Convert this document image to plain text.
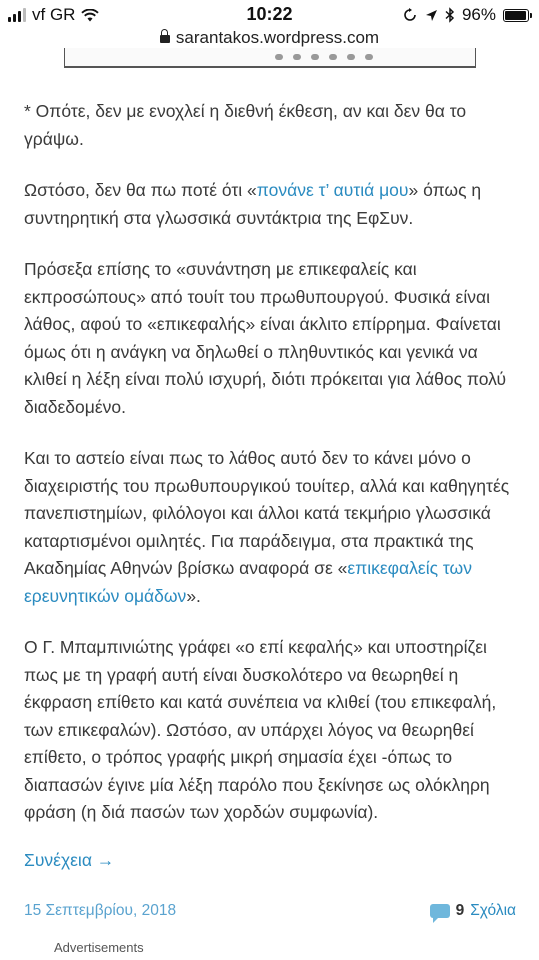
vf GR	10:22	96%
sarantakos.wordpress.com

* Οπότε, δεν με ενοχλεί η διεθνή έκθεση, αν και δεν θα το γράψω.

Ωστόσο, δεν θα πω ποτέ ότι «πονάνε τ’ αυτιά μου» όπως η συντηρητική στα γλωσσικά συντάκτρια της ΕφΣυν.

Πρόσεξα επίσης το «συνάντηση με επικεφαλείς και εκπροσώπους» από τουίτ του πρωθυπουργού. Φυσικά είναι λάθος, αφού το «επικεφαλής» είναι άκλιτο επίρρημα. Φαίνεται όμως ότι η ανάγκη να δηλωθεί ο πληθυντικός και γενικά να κλιθεί η λέξη είναι πολύ ισχυρή, διότι πρόκειται για λάθος πολύ διαδεδομένο.

Και το αστείο είναι πως το λάθος αυτό δεν το κάνει μόνο ο διαχειριστής του πρωθυπουργικού τουίτερ, αλλά και καθηγητές πανεπιστημίων, φιλόλογοι και άλλοι κατά τεκμήριο γλωσσικά καταρτισμένοι ομιλητές. Για παράδειγμα, στα πρακτικά της Ακαδημίας Αθηνών βρίσκω αναφορά σε «επικεφαλείς των ερευνητικών ομάδων».

Ο Γ. Μπαμπινιώτης γράφει «ο επί κεφαλής» και υποστηρίζει πως με τη γραφή αυτή είναι δυσκολότερο να θεωρηθεί η έκφραση επίθετο και κατά συνέπεια να κλιθεί (του επικεφαλή, των επικεφαλών). Ωστόσο, αν υπάρχει λόγος να θεωρηθεί επίθετο, ο τρόπος γραφής μικρή σημασία έχει -όπως το διαπασών έγινε μία λέξη παρόλο που ξεκίνησε ως ολόκληρη φράση (η διά πασών των χορδών συμφωνία).

Συνέχεια →
15 Σεπτεμβρίου, 2018	9 Σχόλια
Advertisements
